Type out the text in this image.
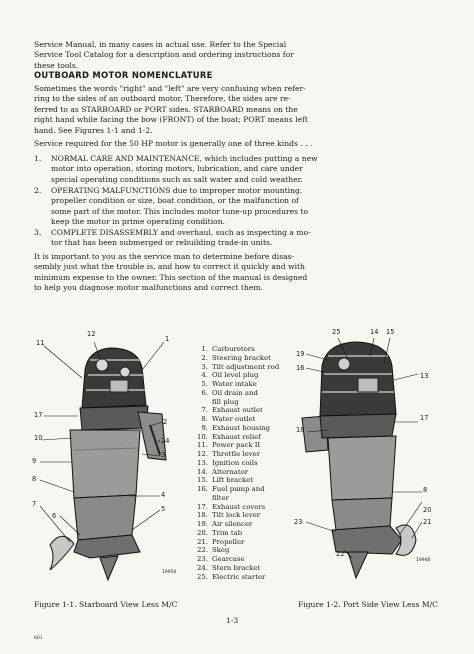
Service Manual, in many cases in actual use. Refer to the Special
Service Tool Catalog for a description and ordering instructions for
these tools.

OUTBOARD MOTOR NOMENCLATURE

Sometimes the words "right" and "left" are very confusing when refer-
ring to the sides of an outboard motor. Therefore, the sides are re-
ferred to as STARBOARD or PORT sides. STARBOARD means on the
right hand while facing the bow (FRONT) of the boat; PORT means left
hand. See Figures 1-1 and 1-2.

Service required for the 50 HP motor is generally one of three kinds . . .

1. NORMAL CARE AND MAINTENANCE, which includes putting a new
motor into operation, storing motors, lubrication, and care under
special operating conditions such as salt water and cold weather.

2. OPERATING MALFUNCTIONS due to improper motor mounting,
propeller condition or size, boat condition, or the malfunction of
some part of the motor. This includes motor tune-up procedures to
keep the motor in prime operating condition.

3. COMPLETE DISASSEMBLY and overhaul, such as inspecting a mo-
tor that has been submerged or rebuilding trade-in units.

It is important to you as the service man to determine before disas-
sembly just what the trouble is, and how to correct it quickly and with
minimum expense to the owner. This section of the manual is designed
to help you diagnose motor malfunctions and correct them.

12
11	1
17
2
10	24
3
9
8
4
7
5
6
19950
1. Carburetors
2. Steering bracket
3. Tilt adjustment rod
4. Oil level plug
5. Water intake
6. Oil drain and
fill plug
7. Exhaust outlet
8. Water outlet
9. Exhaust housing
10. Exhaust relief
11. Power pack II
12. Throttle lever
13. Ignition coils
14. Alternator
15. Lift bracket
16. Fuel pump and
filter
17. Exhaust covers
18. Tilt lock lever
19. Air silencer
20. Trim tab
21. Propeller
22. Skeg
23. Gearcase
24. Stern bracket
25. Electric starter
25	14 15
19
16
13
17
18
8
20
23	21
22
19946
Figure 1-1. Starboard View Less M/C	Figure 1-2. Port Side View Less M/C
1-3
601
